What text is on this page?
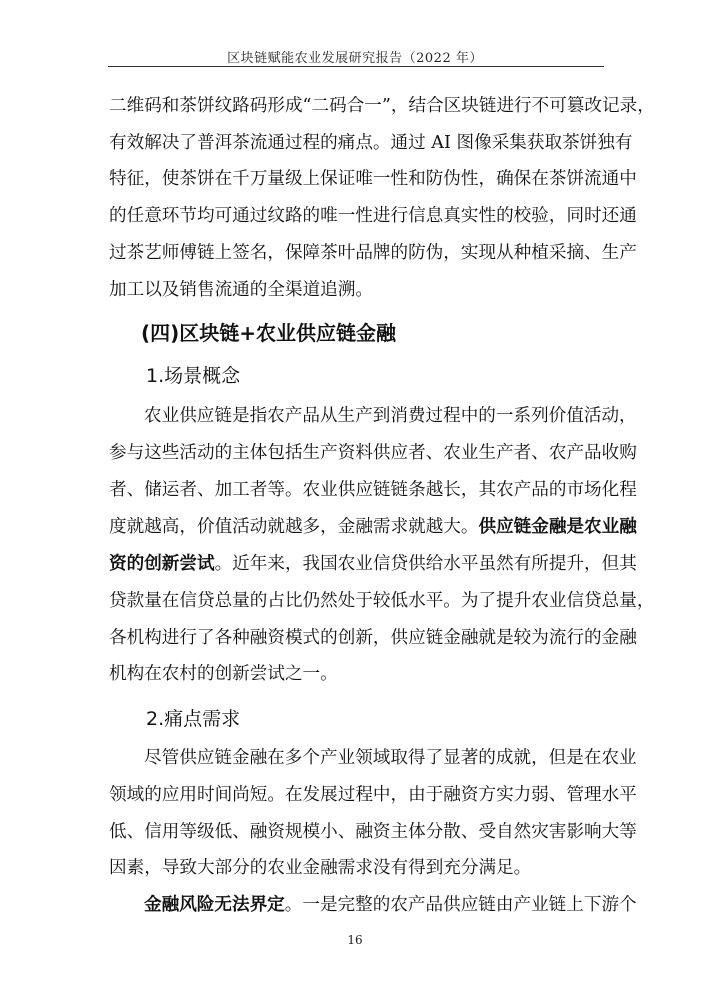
区块链赋能农业发展研究报告（2022 年）
二维码和茶饼纹路码形成“二码合一”，结合区块链进行不可篡改记录，
有效解决了普洱茶流通过程的痛点。通过 AI 图像采集获取茶饼独有
特征，使茶饼在千万量级上保证唯一性和防伪性，确保在茶饼流通中
的任意环节均可通过纹路的唯一性进行信息真实性的校验，同时还通
过茶艺师傅链上签名，保障茶叶品牌的防伪，实现从种植采摘、生产
加工以及销售流通的全渠道追溯。
(四)区块链+农业供应链金融
1.场景概念
农业供应链是指农产品从生产到消费过程中的一系列价值活动，
参与这些活动的主体包括生产资料供应者、农业生产者、农产品收购
者、储运者、加工者等。农业供应链链条越长，其农产品的市场化程
度就越高，价值活动就越多，金融需求就越大。供应链金融是农业融
资的创新尝试。近年来，我国农业信贷供给水平虽然有所提升，但其
贷款量在信贷总量的占比仍然处于较低水平。为了提升农业信贷总量，
各机构进行了各种融资模式的创新，供应链金融就是较为流行的金融
机构在农村的创新尝试之一。
2.痛点需求
尽管供应链金融在多个产业领域取得了显著的成就，但是在农业
领域的应用时间尚短。在发展过程中，由于融资方实力弱、管理水平
低、信用等级低、融资规模小、融资主体分散、受自然灾害影响大等
因素，导致大部分的农业金融需求没有得到充分满足。
金融风险无法界定。一是完整的农产品供应链由产业链上下游个
16
